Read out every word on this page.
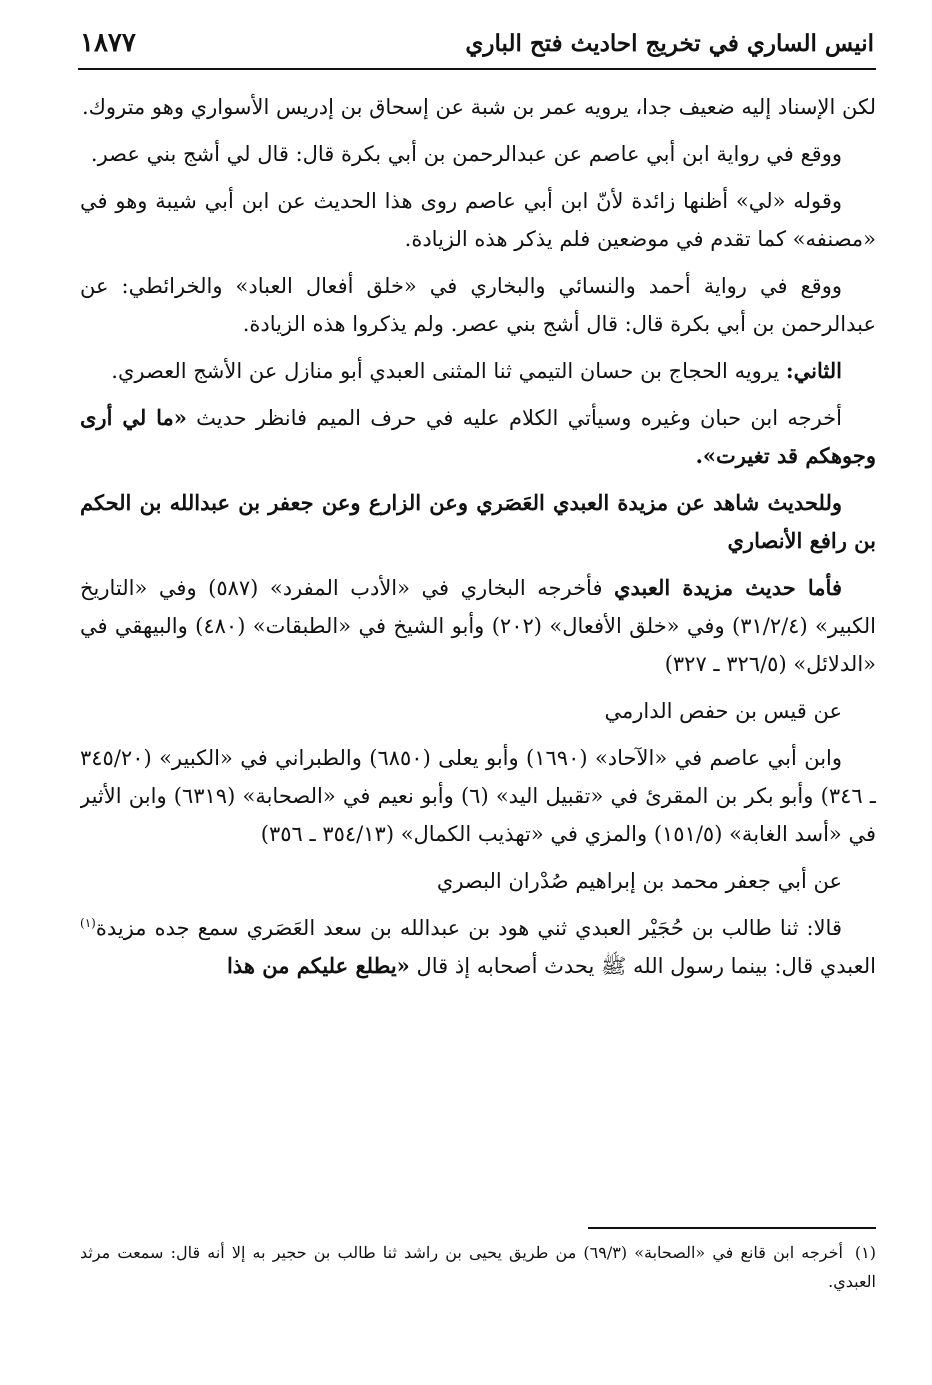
انيس الساري في تخريج احاديث فتح الباري
١٨٧٧

لكن الإسناد إليه ضعيف جدا، يرويه عمر بن شبة عن إسحاق بن إدريس الأسواري وهو متروك.

ووقع في رواية ابن أبي عاصم عن عبدالرحمن بن أبي بكرة قال: قال لي أشج بني عصر.

وقوله «لي» أظنها زائدة لأنّ ابن أبي عاصم روى هذا الحديث عن ابن أبي شيبة وهو في «مصنفه» كما تقدم في موضعين فلم يذكر هذه الزيادة.

ووقع في رواية أحمد والنسائي والبخاري في «خلق أفعال العباد» والخرائطي: عن عبدالرحمن بن أبي بكرة قال: قال أشج بني عصر. ولم يذكروا هذه الزيادة.

الثاني: يرويه الحجاج بن حسان التيمي ثنا المثنى العبدي أبو منازل عن الأشج العصري.

أخرجه ابن حبان وغيره وسيأتي الكلام عليه في حرف الميم فانظر حديث «ما لي أرى وجوهكم قد تغيرت».

وللحديث شاهد عن مزيدة العبدي العَصَري وعن الزارع وعن جعفر بن عبدالله بن الحكم بن رافع الأنصاري

فأما حديث مزيدة العبدي فأخرجه البخاري في «الأدب المفرد» (٥٨٧) وفي «التاريخ الكبير» (٣١/٢/٤) وفي «خلق الأفعال» (٢٠٢) وأبو الشيخ في «الطبقات» (٤٨٠) والبيهقي في «الدلائل» (٣٢٦/٥ ـ ٣٢٧)

عن قيس بن حفص الدارمي

وابن أبي عاصم في «الآحاد» (١٦٩٠) وأبو يعلى (٦٨٥٠) والطبراني في «الكبير» (٣٤٥/٢٠ ـ ٣٤٦) وأبو بكر بن المقرئ في «تقبيل اليد» (٦) وأبو نعيم في «الصحابة» (٦٣١٩) وابن الأثير في «أسد الغابة» (١٥١/٥) والمزي في «تهذيب الكمال» (٣٥٤/١٣ ـ ٣٥٦)

عن أبي جعفر محمد بن إبراهيم صُدْران البصري

قالا: ثنا طالب بن حُجَيْر العبدي ثني هود بن عبدالله بن سعد العَصَري سمع جده مزيدة$^{(١)}$ العبدي قال: بينما رسول الله ﷺ يحدث أصحابه إذ قال «يطلع عليكم من هذا

(١)أخرجه ابن قانع في «الصحابة» (٦٩/٣) من طريق يحيى بن راشد ثنا طالب بن حجير به إلا أنه قال: سمعت مرثد العبدي.
